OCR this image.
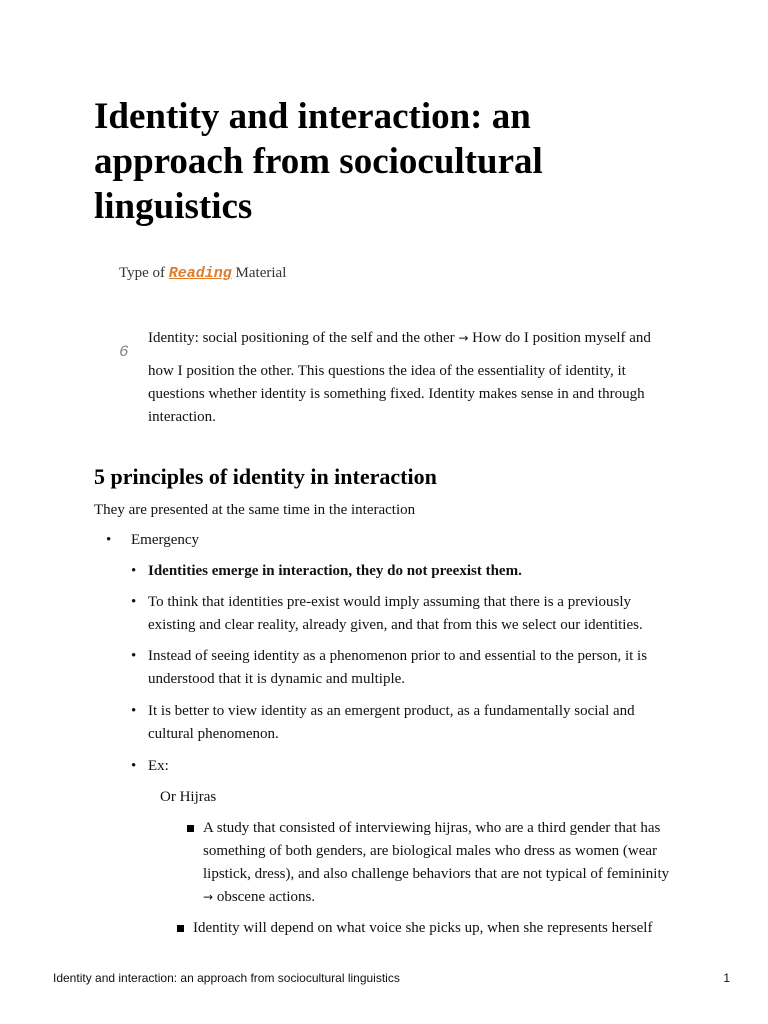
Identity and interaction: an approach from sociocultural linguistics
Type of Reading Material
6
Identity: social positioning of the self and the other → How do I position myself and
how I position the other. This questions the idea of the essentiality of identity, it questions whether identity is something fixed. Identity makes sense in and through interaction.
5 principles of identity in interaction

They are presented at the same time in the interaction

• Emergency
• Identities emerge in interaction, they do not preexist them.
• To think that identities pre-exist would imply assuming that there is a previously existing and clear reality, already given, and that from this we select our identities.
• Instead of seeing identity as a phenomenon prior to and essential to the person, it is understood that it is dynamic and multiple.
• It is better to view identity as an emergent product, as a fundamentally social and cultural phenomenon.
• Ex:
Or Hijras
A study that consisted of interviewing hijras, who are a third gender that has something of both genders, are biological males who dress as women (wear lipstick, dress), and also challenge behaviors that are not typical of femininity → obscene actions.
Identity will depend on what voice she picks up, when she represents herself
Identity and interaction: an approach from sociocultural linguistics	1
